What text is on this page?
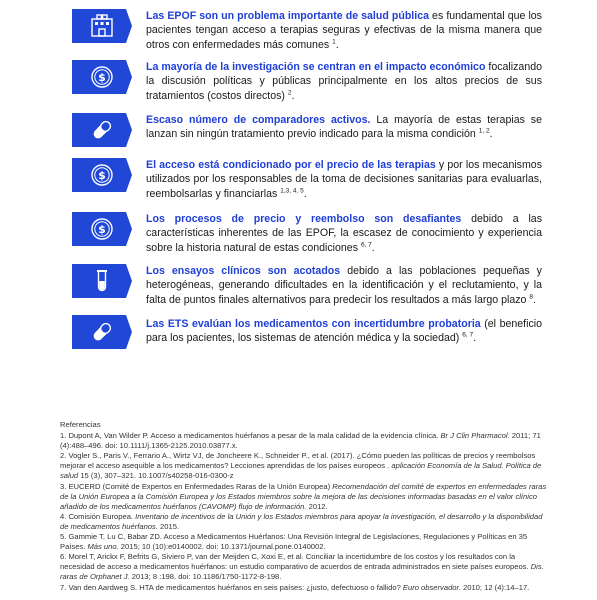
Las EPOF son un problema importante de salud pública es fundamental que los pacientes tengan acceso a terapias seguras y efectivas de la misma manera que otros con enfermedades más comunes $^1$.
$
La mayoría de la investigación se centran en el impacto económico focalizando la discusión políticas y públicas principalmente en los altos precios de sus tratamientos (costos directos) $^2$.
Escaso número de comparadores activos. La mayoría de estas terapias se lanzan sin ningún tratamiento previo indicado para la misma condición $^{1, 2}$.
$
El acceso está condicionado por el precio de las terapias y por los mecanismos utilizados por los responsables de la toma de decisiones sanitarias para evaluarlas, reembolsarlas y financiarlas $^{1,3, 4, 5}$.
$
Los procesos de precio y reembolso son desafiantes debido a las características inherentes de las EPOF, la escasez de conocimiento y experiencia sobre la historia natural de estas condiciones $^{6, 7}$.
Los ensayos clínicos son acotados debido a las poblaciones pequeñas y heterogéneas, generando dificultades en la identificación y el reclutamiento, y la falta de puntos finales alternativos para predecir los resultados a más largo plazo $^8$.
Las ETS evalúan los medicamentos con incertidumbre probatoria (el beneficio para los pacientes, los sistemas de atención médica y la sociedad) $^{6, 7}$.
Referencias

1. Dupont A, Van Wilder P. Acceso a medicamentos huérfanos a pesar de la mala calidad de la evidencia clínica. Br J Clin Pharmacol. 2011; 71 (4):488–496. doi: 10.1111/j.1365-2125.2010.03877.x.

2. Vogler S., Paris V., Ferrario A., Wirtz VJ, de Joncheere K., Schneider P., et al. (2017). ¿Cómo pueden las políticas de precios y reembolsos mejorar el acceso asequible a los medicamentos? Lecciones aprendidas de los países europeos . aplicación Economía de la Salud. Política de salud 15 (3), 307–321. 10.1007/s40258-016-0300-z

3. EUCERD (Comité de Expertos en Enfermedades Raras de la Unión Europea) Recomendación del comité de expertos en enfermedades raras de la Unión Europea a la Comisión Europea y los Estados miembros sobre la mejora de las decisiones informadas basadas en el valor clínico añadido de los medicamentos huérfanos (CAVOMP) flujo de información. 2012.

4. Comisión Europea. Inventario de incentivos de la Unión y los Estados miembros para apoyar la investigación, el desarrollo y la disponibilidad de medicamentos huérfanos. 2015.

5. Gammie T, Lu C, Babar ZD. Acceso a Medicamentos Huérfanos: Una Revisión Integral de Legislaciones, Regulaciones y Políticas en 35 Países. Más uno. 2015; 10 (10):e0140002. doi: 10.1371/journal.pone.0140002.

6. Morel T, Arickx F, Befrits G, Siviero P, van der Meijden C, Xoxi E, et al. Conciliar la incertidumbre de los costos y los resultados con la necesidad de acceso a medicamentos huérfanos: un estudio comparativo de acuerdos de entrada administrados en siete países europeos. Dis. raras de Orphanet J. 2013; 8 :198. doi: 10.1186/1750-1172-8-198.

7. Van den Aardweg S. HTA de medicamentos huérfanos en seis países: ¿justo, defectuoso o fallido? Euro observador. 2010; 12 (4):14–17.
